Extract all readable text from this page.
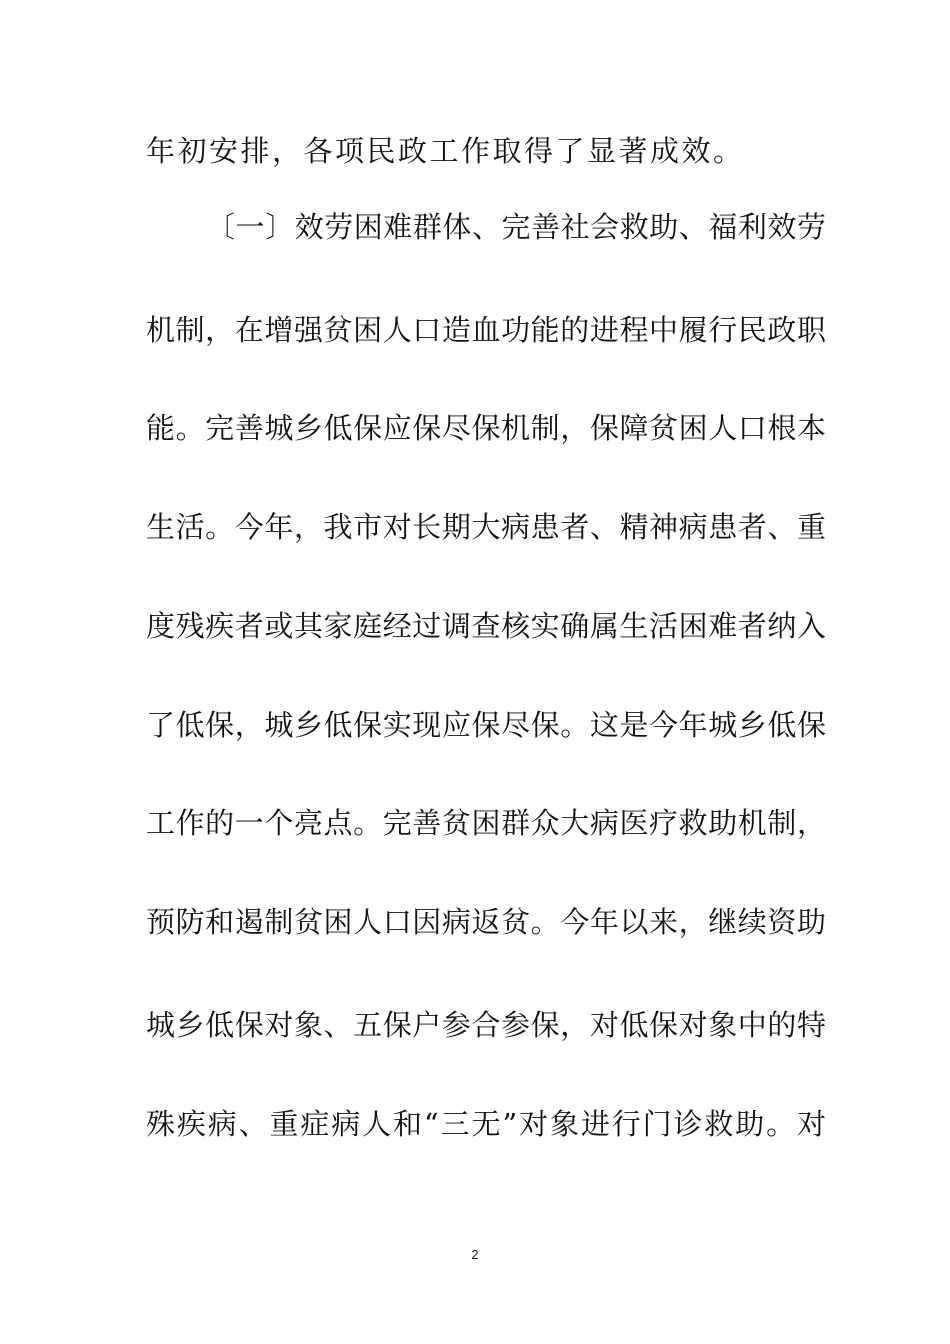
年初安排，各项民政工作取得了显著成效。
〔一〕效劳困难群体、完善社会救助、福利效劳
机制，在增强贫困人口造血功能的进程中履行民政职
能。完善城乡低保应保尽保机制，保障贫困人口根本
生活。今年，我市对长期大病患者、精神病患者、重
度残疾者或其家庭经过调查核实确属生活困难者纳入
了低保，城乡低保实现应保尽保。这是今年城乡低保
工作的一个亮点。完善贫困群众大病医疗救助机制，
预防和遏制贫困人口因病返贫。今年以来，继续资助
城乡低保对象、五保户参合参保，对低保对象中的特
殊疾病、重症病人和“三无”对象进行门诊救助。对
2
